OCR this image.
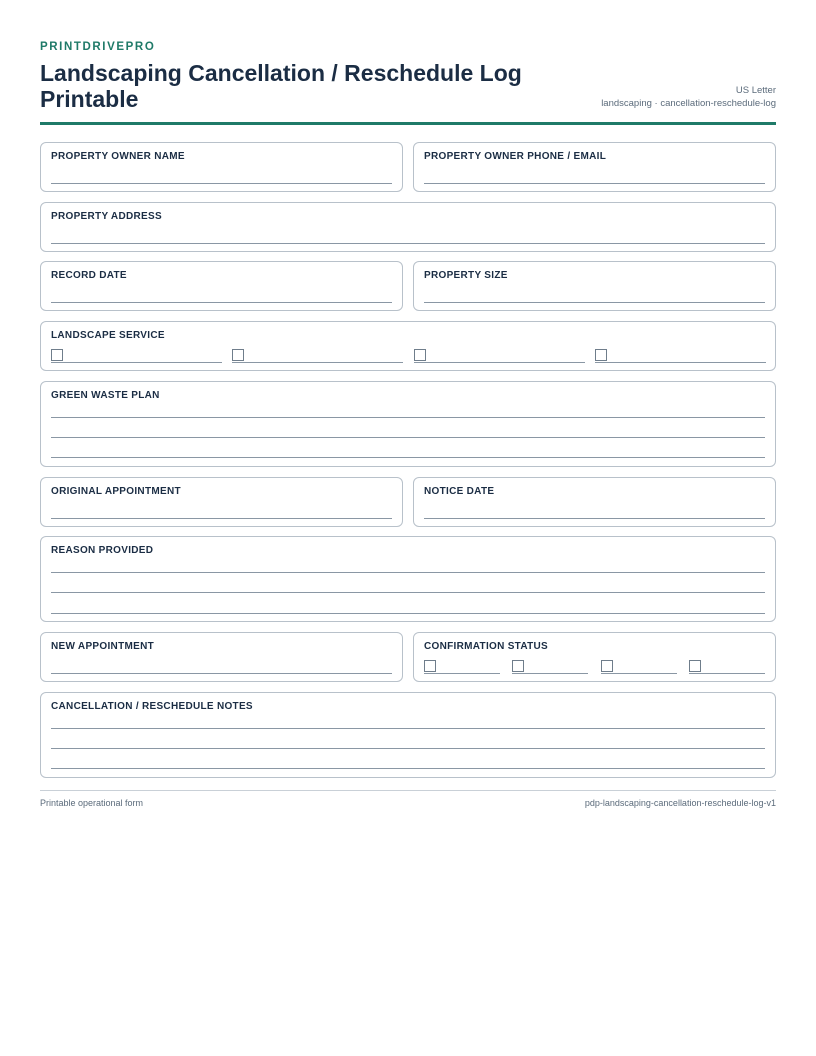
PRINTDRIVEPRO
Landscaping Cancellation / Reschedule Log Printable	US Letter
landscaping · cancellation-reschedule-log
PROPERTY OWNER NAME	PROPERTY OWNER PHONE / EMAIL
PROPERTY ADDRESS
RECORD DATE	PROPERTY SIZE
LANDSCAPE SERVICE
GREEN WASTE PLAN
ORIGINAL APPOINTMENT	NOTICE DATE
REASON PROVIDED
NEW APPOINTMENT	CONFIRMATION STATUS
CANCELLATION / RESCHEDULE NOTES
Printable operational form	pdp-landscaping-cancellation-reschedule-log-v1
